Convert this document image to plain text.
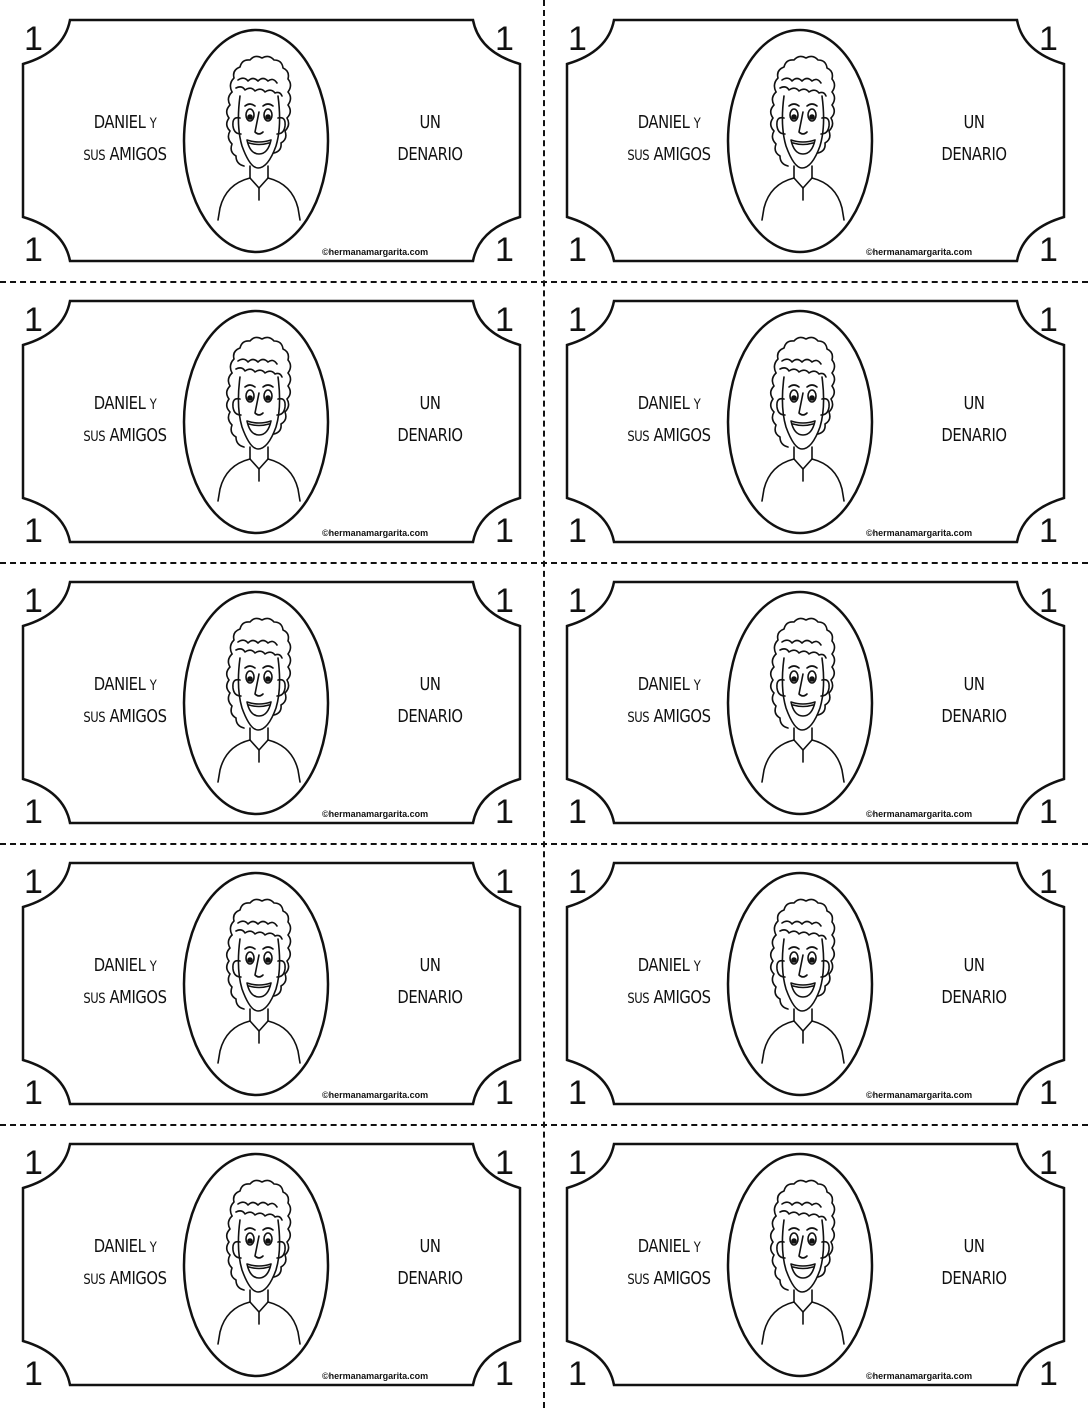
1	1
1	1
DANIEL Y
SUS AMIGOS
UN
DENARIO
©hermanamargarita.com
1	1
1	1
DANIEL Y
SUS AMIGOS
UN
DENARIO
©hermanamargarita.com
1	1
1	1
DANIEL Y
SUS AMIGOS
UN
DENARIO
©hermanamargarita.com
1	1
1	1
DANIEL Y
SUS AMIGOS
UN
DENARIO
©hermanamargarita.com
1	1
1	1
DANIEL Y
SUS AMIGOS
UN
DENARIO
©hermanamargarita.com
1	1
1	1
DANIEL Y
SUS AMIGOS
UN
DENARIO
©hermanamargarita.com
1	1
1	1
DANIEL Y
SUS AMIGOS
UN
DENARIO
©hermanamargarita.com
1	1
1	1
DANIEL Y
SUS AMIGOS
UN
DENARIO
©hermanamargarita.com
1	1
1	1
DANIEL Y
SUS AMIGOS
UN
DENARIO
©hermanamargarita.com
1	1
1	1
DANIEL Y
SUS AMIGOS
UN
DENARIO
©hermanamargarita.com
